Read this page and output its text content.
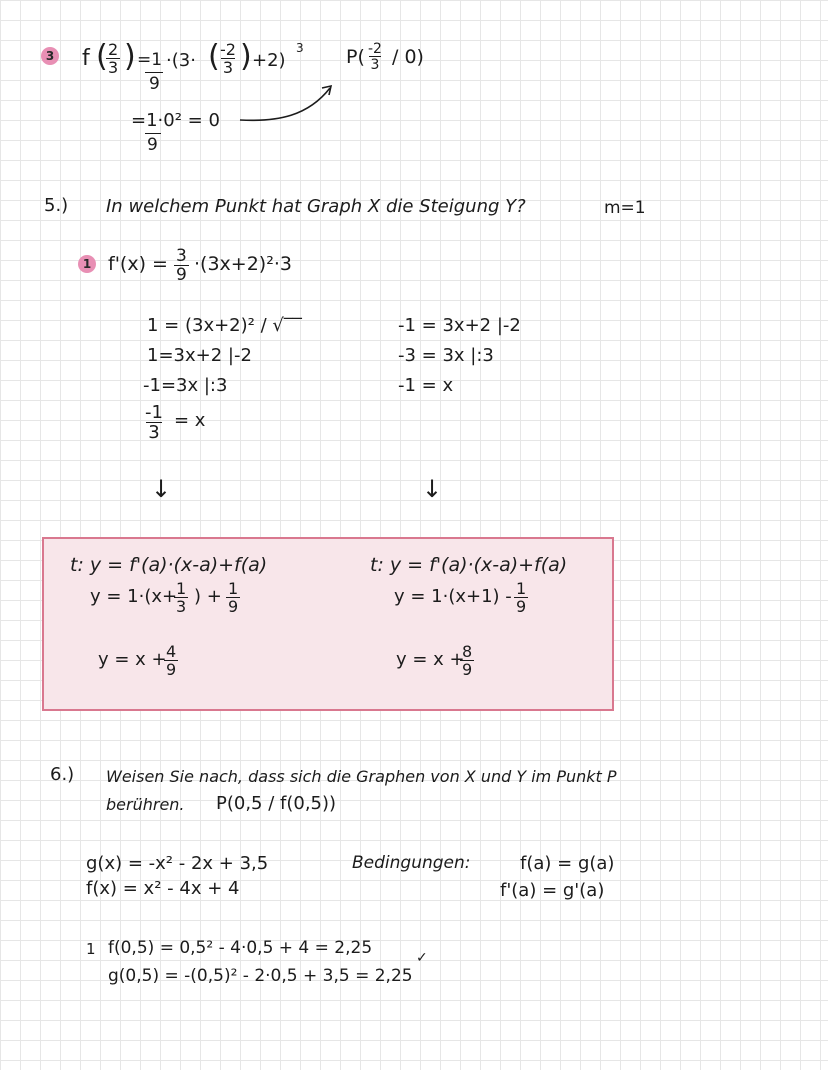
3 f (
$\frac{2}{3}$ ) =1
9
·(3· (
$\frac{-2}{3}$ ) +2)
3
=1·0² = 0
9
$P( \frac{-2}{3} / 0)$
5.) In welchem Punkt hat Graph X die Steigung Y?	m=1
1 $f'(x) = \frac{3}{9} \cdot(3x+2)^2\cdot 3$
1 = (3x+2)² / √‾‾
1=3x+2 |-2
-1=3x |:3
$\frac{-1}{3} = x$
↓
-1 = 3x+2 |-2
-3 = 3x |:3
-1 = x
↓
t: y = f'(a)·(x-a)+f(a)
y = 1·(x+
$\frac{1}{3}$ ) + $\frac{1}{9}$
y = x +
$\frac{4}{9}$
t: y = f'(a)·(x-a)+f(a)
$y = 1\cdot(x+1) - \frac{1}{9}$
y = x +
$\frac{8}{9}$
6.) Weisen Sie nach, dass sich die Graphen von X und Y im Punkt P
berühren. P(0,5 / f(0,5))
g(x) = -x² - 2x + 3,5
f(x) = x² - 4x + 4
Bedingungen:	f(a) = g(a)
f'(a) = g'(a)
1 f(0,5) = 0,5² - 4·0,5 + 4 = 2,25
g(0,5) = -(0,5)² - 2·0,5 + 3,5 = 2,25
✓
